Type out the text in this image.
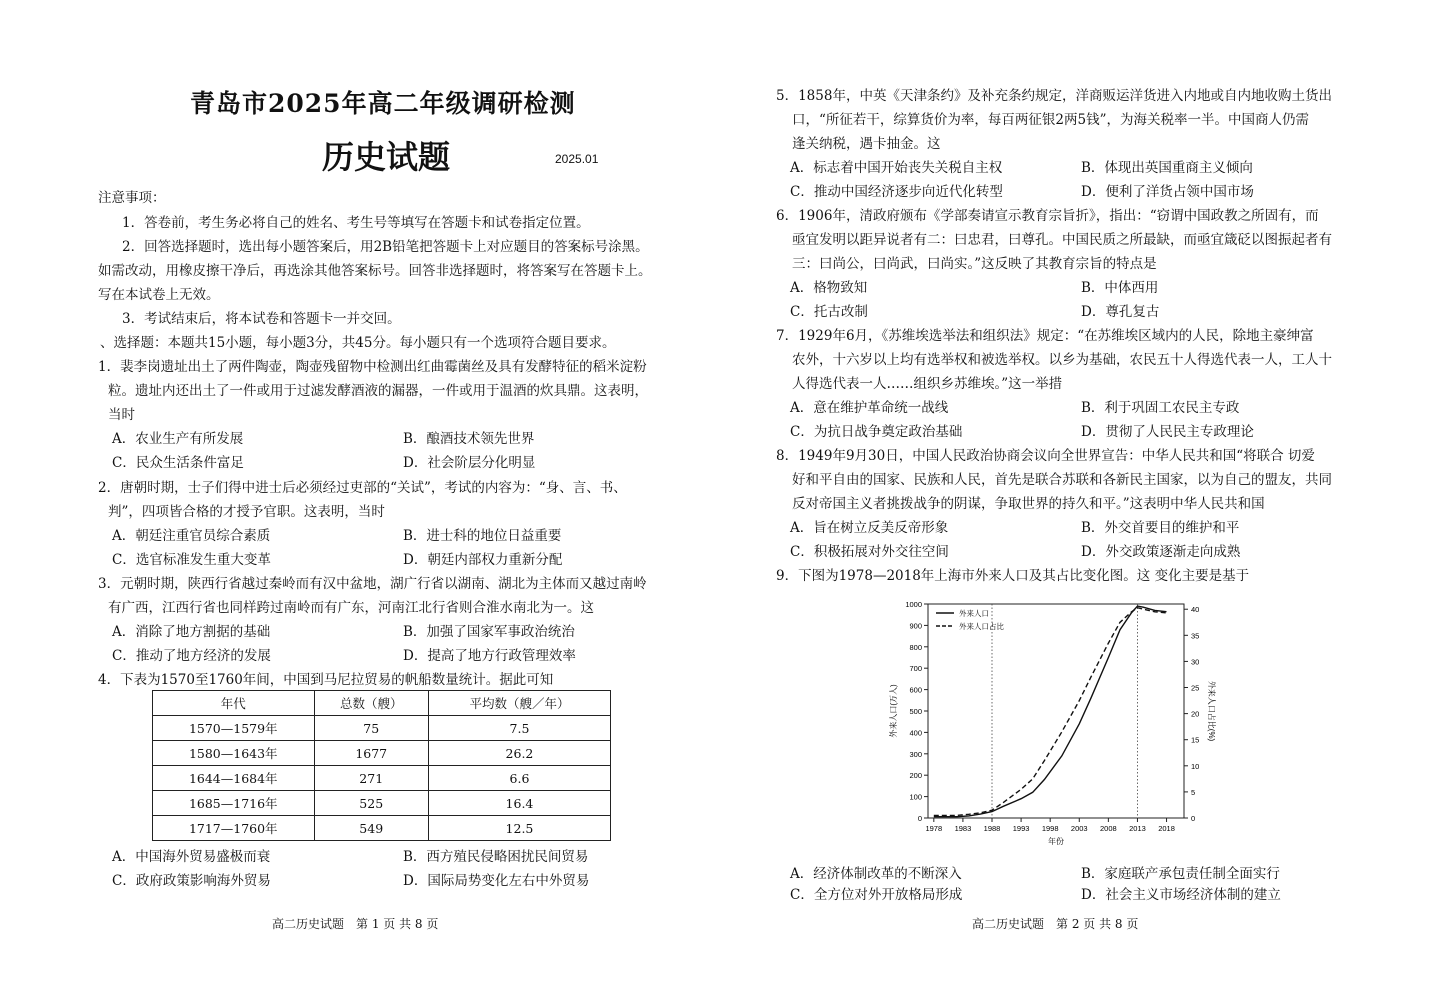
青岛市2025年高二年级调研检测
历史试题	2025.01
注意事项：
1．答卷前，考生务必将自己的姓名、考生号等填写在答题卡和试卷指定位置。
2．回答选择题时，选出每小题答案后，用2B铅笔把答题卡上对应题目的答案标号涂黑。
如需改动，用橡皮擦干净后，再选涂其他答案标号。回答非选择题时，将答案写在答题卡上。
写在本试卷上无效。
3．考试结束后，将本试卷和答题卡一并交回。
、选择题：本题共15小题，每小题3分，共45分。每小题只有一个选项符合题目要求。
1．裴李岗遗址出土了两件陶壶，陶壶残留物中检测出红曲霉菌丝及具有发酵特征的稻米淀粉
粒。遗址内还出土了一件或用于过滤发酵酒液的漏器，一件或用于温酒的炊具鼎。这表明，
当时
A．农业生产有所发展	B．酿酒技术领先世界
C．民众生活条件富足	D．社会阶层分化明显
2．唐朝时期，士子们得中进士后必须经过吏部的“关试”，考试的内容为：“身、言、书、
判”，四项皆合格的才授予官职。这表明，当时
A．朝廷注重官员综合素质	B．进士科的地位日益重要
C．选官标准发生重大变革	D．朝廷内部权力重新分配
3．元朝时期，陕西行省越过秦岭而有汉中盆地，湖广行省以湖南、湖北为主体而又越过南岭
有广西，江西行省也同样跨过南岭而有广东，河南江北行省则合淮水南北为一。这
A．消除了地方割据的基础	B．加强了国家军事政治统治
C．推动了地方经济的发展	D．提高了地方行政管理效率
4．下表为1570至1760年间，中国到马尼拉贸易的帆船数量统计。据此可知
年代	总数（艘）	平均数（艘／年）
1570—1579年	75	7.5
1580—1643年	1677	26.2
1644—1684年	271	6.6
1685—1716年	525	16.4
1717—1760年	549	12.5
A．中国海外贸易盛极而衰	B．西方殖民侵略困扰民间贸易
C．政府政策影响海外贸易	D．国际局势变化左右中外贸易
高二历史试题　第 1 页 共 8 页
5．1858年，中英《天津条约》及补充条约规定，洋商贩运洋货进入内地或自内地收购土货出
口，“所征若干，综算货价为率，每百两征银2两5钱”，为海关税率一半。中国商人仍需
逢关纳税，遇卡抽金。这
A．标志着中国开始丧失关税自主权	B．体现出英国重商主义倾向
C．推动中国经济逐步向近代化转型	D．便利了洋货占领中国市场
6．1906年，清政府颁布《学部奏请宣示教育宗旨折》，指出：“窃谓中国政教之所固有，而
亟宜发明以距异说者有二：曰忠君，曰尊孔。中国民质之所最缺，而亟宜箴砭以图振起者有
三：曰尚公，曰尚武，曰尚实。”这反映了其教育宗旨的特点是
A．格物致知	B．中体西用
C．托古改制	D．尊孔复古
7．1929年6月，《苏维埃选举法和组织法》规定：“在苏维埃区域内的人民，除地主豪绅富
农外，十六岁以上均有选举权和被选举权。以乡为基础，农民五十人得选代表一人，工人十
人得选代表一人……组织乡苏维埃。”这一举措
A．意在维护革命统一战线	B．利于巩固工农民主专政
C．为抗日战争奠定政治基础	D．贯彻了人民民主专政理论
8．1949年9月30日，中国人民政治协商会议向全世界宣告：中华人民共和国“将联合 切爱
好和平自由的国家、民族和人民，首先是联合苏联和各新民主国家，以为自己的盟友，共同
反对帝国主义者挑拨战争的阴谋，争取世界的持久和平。”这表明中华人民共和国
A．旨在树立反美反帝形象	B．外交首要目的维护和平
C．积极拓展对外交往空间	D．外交政策逐渐走向成熟
9．下图为1978—2018年上海市外来人口及其占比变化图。这 变化主要是基于
1978 1983 1988 1993 1998 2003 2008 2013 2018
0
100
200
300
400
500
600
700
800
900
1000
0
5
10
15
20
25
30
35
40
年份
外来人口(万人)	外来人口占比(%)
外来人口
外来人口占比
A．经济体制改革的不断深入	B．家庭联产承包责任制全面实行
C．全方位对外开放格局形成	D．社会主义市场经济体制的建立
高二历史试题　第 2 页 共 8 页
